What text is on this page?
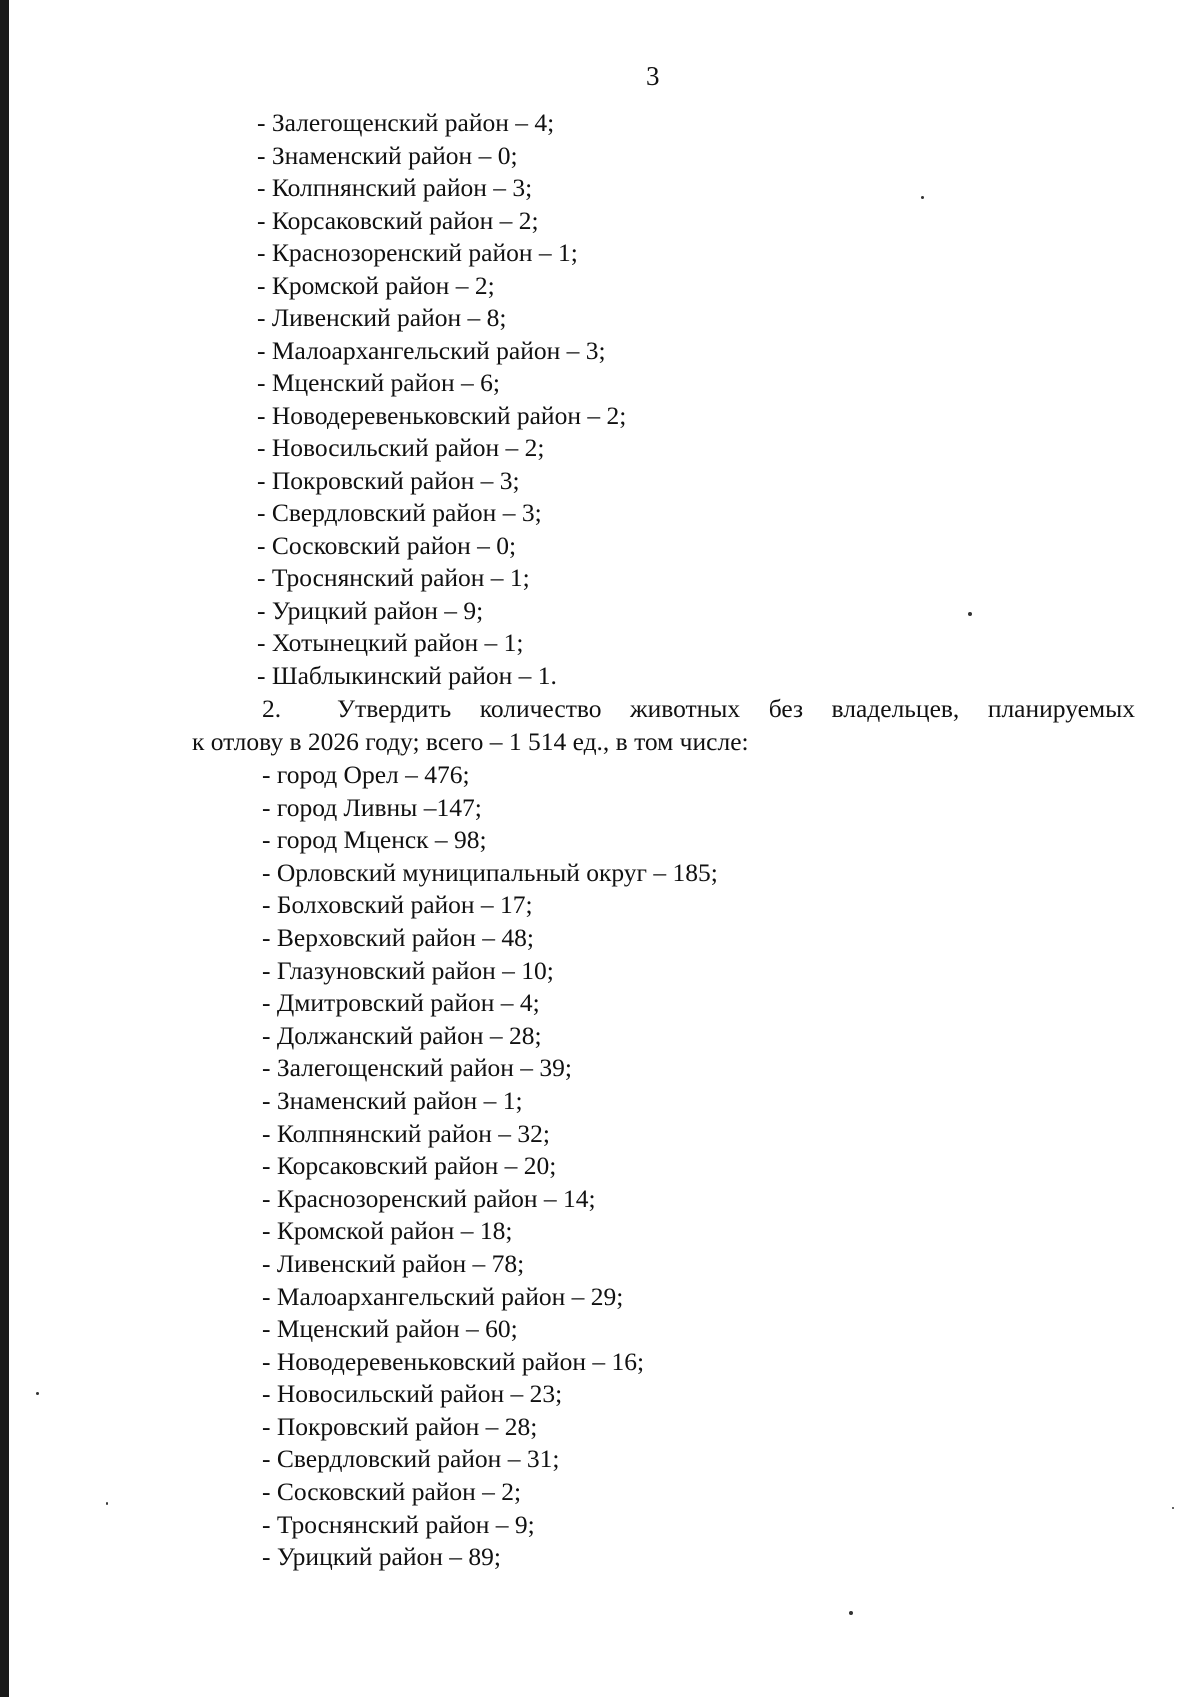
3
- Залегощенский район – 4;
- Знаменский район – 0;
- Колпнянский район – 3;
- Корсаковский район – 2;
- Краснозоренский район – 1;
- Кромской район – 2;
- Ливенский район – 8;
- Малоархангельский район – 3;
- Мценский район – 6;
- Новодеревеньковский район – 2;
- Новосильский район – 2;
- Покровский район – 3;
- Свердловский район – 3;
- Сосковский район – 0;
- Троснянский район – 1;
- Урицкий район – 9;
- Хотынецкий район – 1;
- Шаблыкинский район – 1.
2.	Утвердить количество животных без владельцев, планируемых
к отлову в 2026 году; всего – 1 514 ед., в том числе:
- город Орел – 476;
- город Ливны –147;
- город Мценск – 98;
- Орловский муниципальный округ – 185;
- Болховский район – 17;
- Верховский район – 48;
- Глазуновский район – 10;
- Дмитровский район – 4;
- Должанский район – 28;
- Залегощенский район – 39;
- Знаменский район – 1;
- Колпнянский район – 32;
- Корсаковский район – 20;
- Краснозоренский район – 14;
- Кромской район – 18;
- Ливенский район – 78;
- Малоархангельский район – 29;
- Мценский район – 60;
- Новодеревеньковский район – 16;
- Новосильский район – 23;
- Покровский район – 28;
- Свердловский район – 31;
- Сосковский район – 2;
- Троснянский район – 9;
- Урицкий район – 89;
